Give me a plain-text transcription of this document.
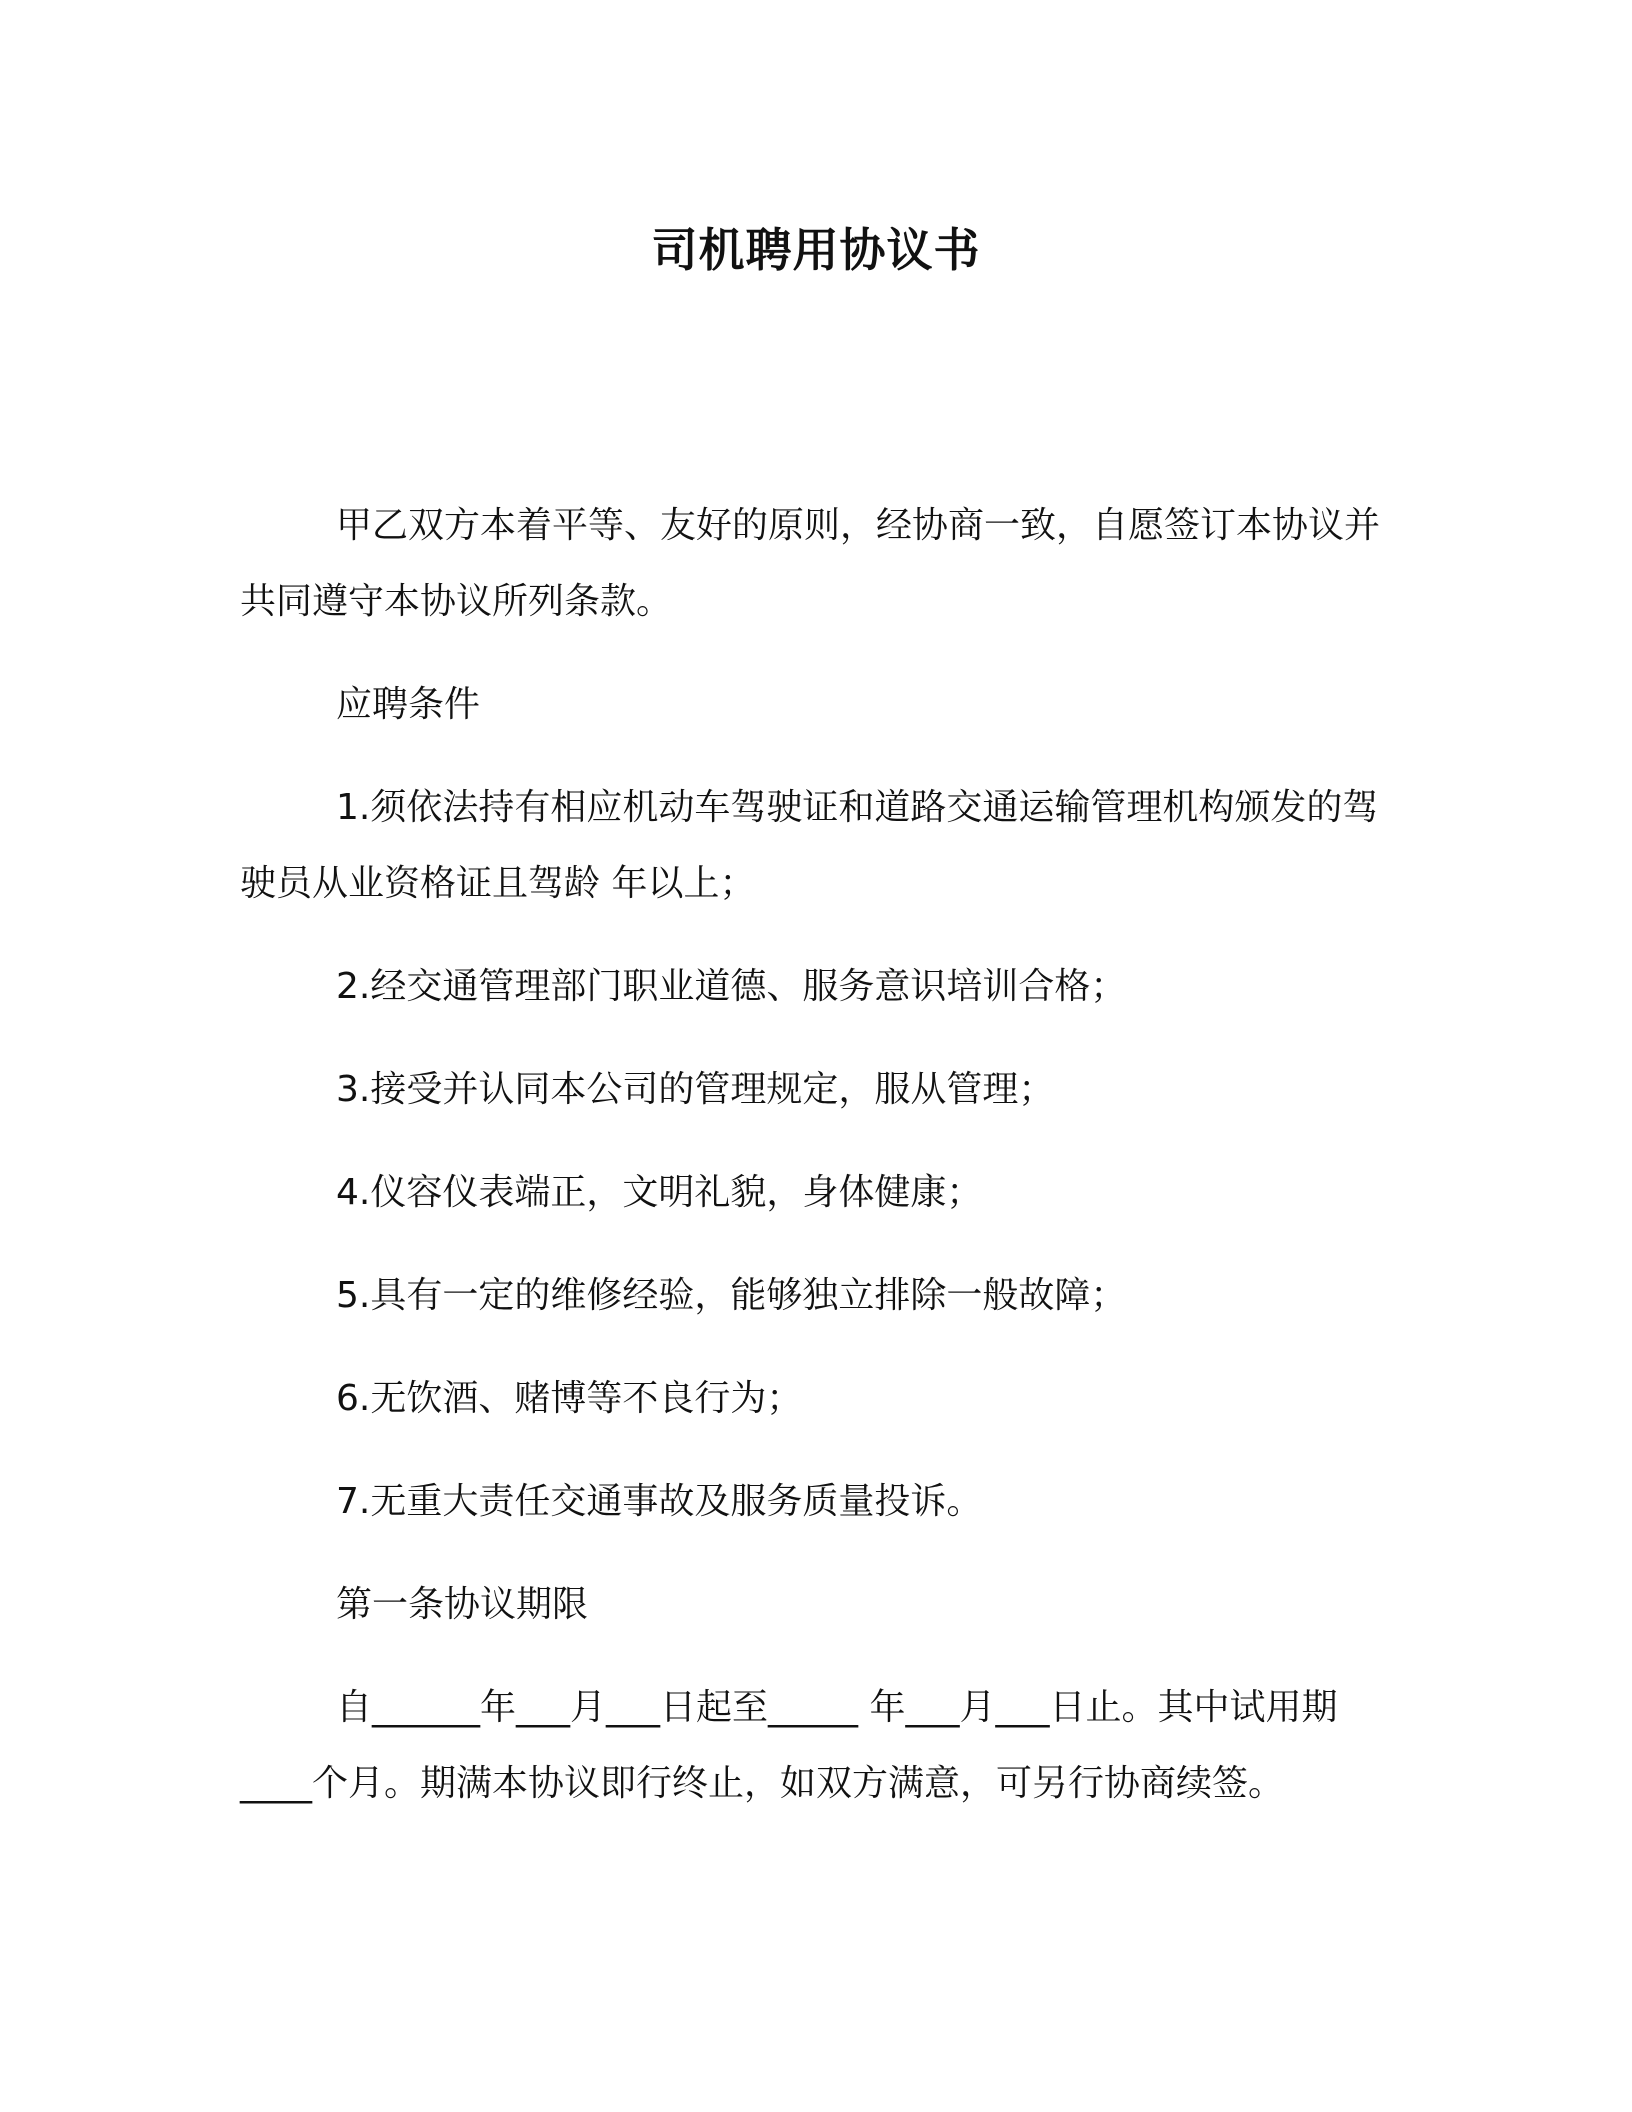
司机聘用协议书

甲乙双方本着平等、友好的原则，经协商一致，自愿签订本协议并共同遵守本协议所列条款。

应聘条件

1.须依法持有相应机动车驾驶证和道路交通运输管理机构颁发的驾驶员从业资格证且驾龄 年以上；

2.经交通管理部门职业道德、服务意识培训合格；

3.接受并认同本公司的管理规定，服从管理；

4.仪容仪表端正，文明礼貌，身体健康；

5.具有一定的维修经验，能够独立排除一般故障；

6.无饮酒、赌博等不良行为；

7.无重大责任交通事故及服务质量投诉。

第一条协议期限

自______年___月___日起至_____ 年___月___日止。其中试用期____个月。期满本协议即行终止，如双方满意，可另行协商续签。
